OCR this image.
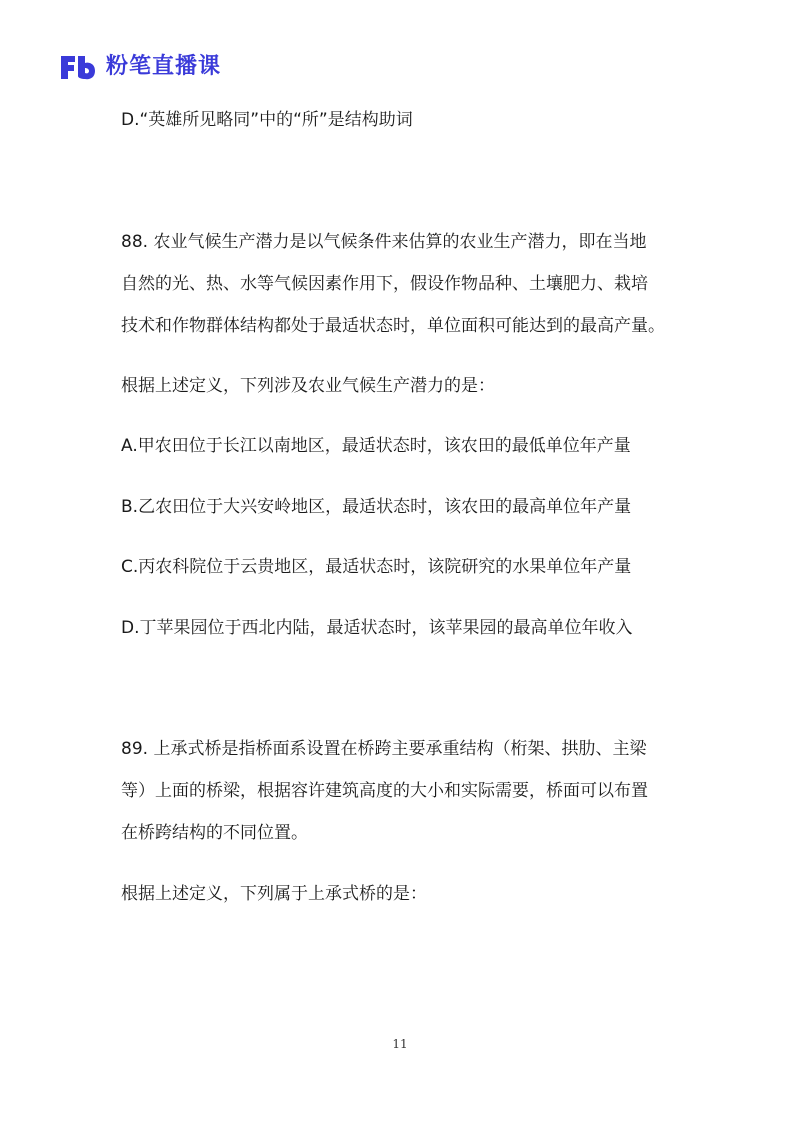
粉笔直播课
D.“英雄所见略同”中的“所”是结构助词
88. 农业气候生产潜力是以气候条件来估算的农业生产潜力，即在当地
自然的光、热、水等气候因素作用下，假设作物品种、土壤肥力、栽培
技术和作物群体结构都处于最适状态时，单位面积可能达到的最高产量。
根据上述定义，下列涉及农业气候生产潜力的是：
A.甲农田位于长江以南地区，最适状态时，该农田的最低单位年产量
B.乙农田位于大兴安岭地区，最适状态时，该农田的最高单位年产量
C.丙农科院位于云贵地区，最适状态时，该院研究的水果单位年产量
D.丁苹果园位于西北内陆，最适状态时，该苹果园的最高单位年收入
89. 上承式桥是指桥面系设置在桥跨主要承重结构（桁架、拱肋、主梁
等）上面的桥梁，根据容许建筑高度的大小和实际需要，桥面可以布置
在桥跨结构的不同位置。
根据上述定义，下列属于上承式桥的是：
11
